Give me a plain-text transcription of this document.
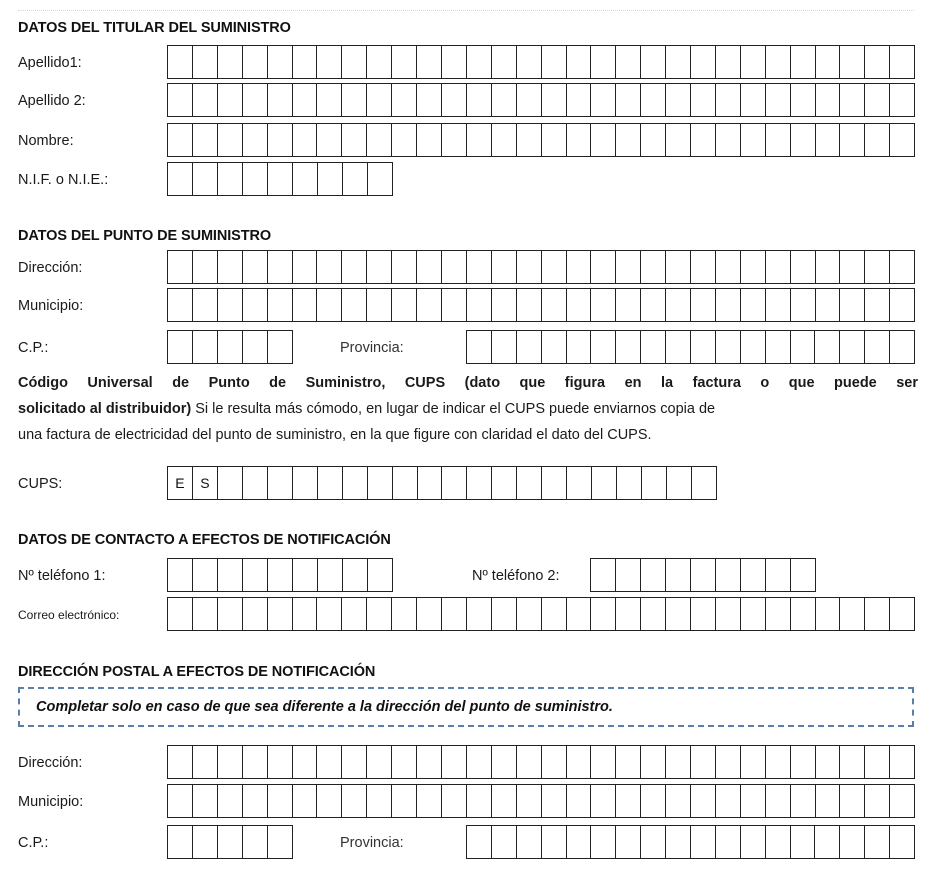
DATOS DEL TITULAR DEL SUMINISTRO
Apellido1:
Apellido 2:
Nombre:
N.I.F. o N.I.E.:
DATOS DEL PUNTO DE SUMINISTRO
Dirección:
Municipio:
C.P.:	Provincia:
Código Universal de Punto de Suministro, CUPS (dato que figura en la factura o que puede ser
solicitado al distribuidor) Si le resulta más cómodo, en lugar de indicar el CUPS puede enviarnos copia de
una factura de electricidad del punto de suministro, en la que figure con claridad el dato del CUPS.
CUPS:	E	S
DATOS DE CONTACTO A EFECTOS DE NOTIFICACIÓN
Nº teléfono 1:	Nº teléfono 2:
Correo electrónico:
DIRECCIÓN POSTAL A EFECTOS DE NOTIFICACIÓN
Completar solo en caso de que sea diferente a la dirección del punto de suministro.
Dirección:
Municipio:
C.P.:	Provincia:
